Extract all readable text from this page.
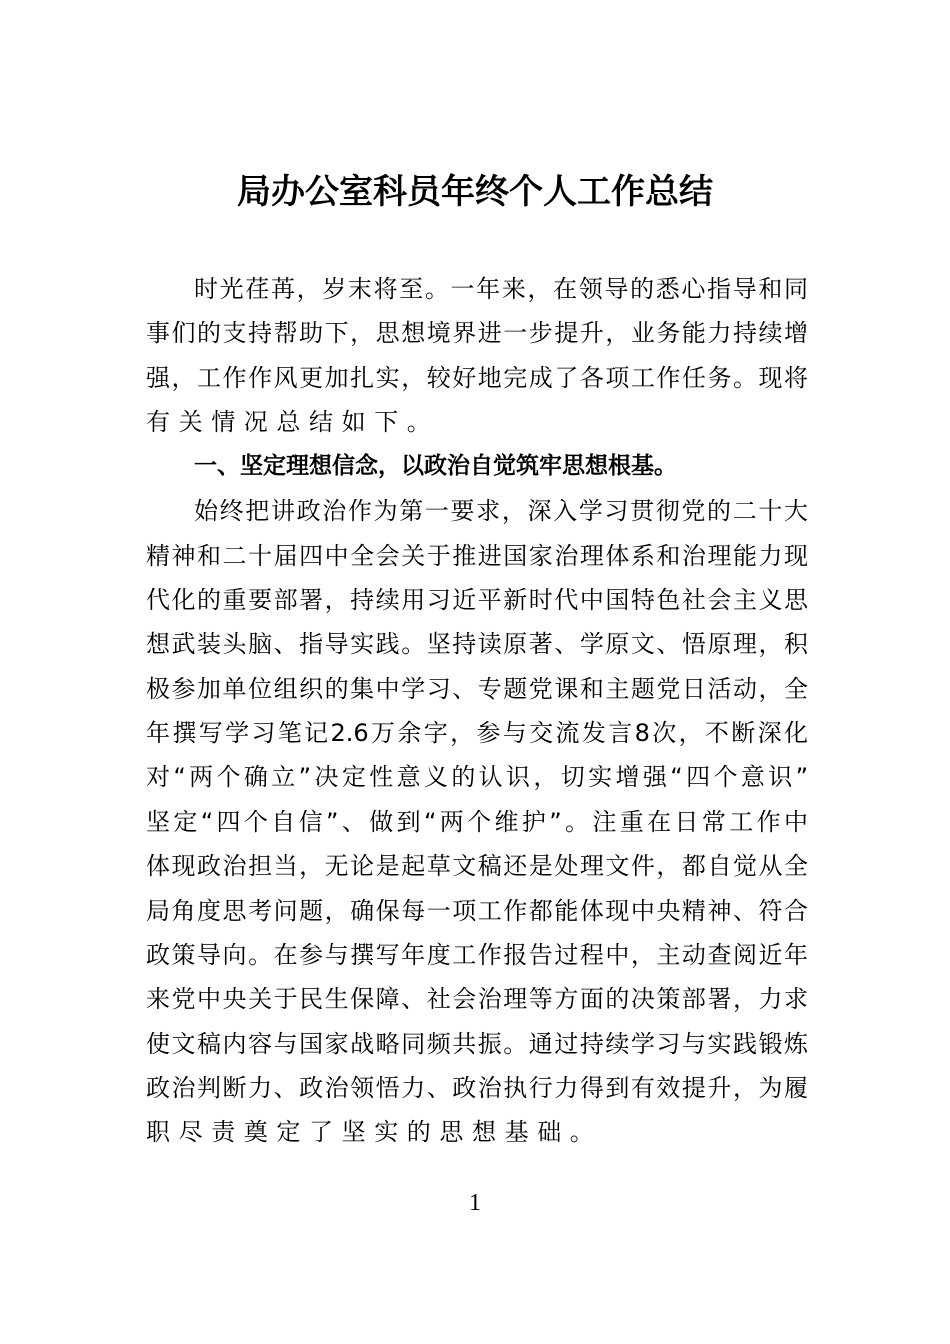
局办公室科员年终个人工作总结
时光荏苒，岁末将至。一年来，在领导的悉心指导和同
事们的支持帮助下，思想境界进一步提升，业务能力持续增
强，工作作风更加扎实，较好地完成了各项工作任务。现将
有关情况总结如下。
一、坚定理想信念，以政治自觉筑牢思想根基。
始终把讲政治作为第一要求，深入学习贯彻党的二十大
精神和二十届四中全会关于推进国家治理体系和治理能力现
代化的重要部署，持续用习近平新时代中国特色社会主义思
想武装头脑、指导实践。坚持读原著、学原文、悟原理，积
极参加单位组织的集中学习、专题党课和主题党日活动，全
年撰写学习笔记2.6万余字，参与交流发言8次，不断深化
对“两个确立”决定性意义的认识，切实增强“四个意识”
坚定“四个自信”、做到“两个维护”。注重在日常工作中
体现政治担当，无论是起草文稿还是处理文件，都自觉从全
局角度思考问题，确保每一项工作都能体现中央精神、符合
政策导向。在参与撰写年度工作报告过程中，主动查阅近年
来党中央关于民生保障、社会治理等方面的决策部署，力求
使文稿内容与国家战略同频共振。通过持续学习与实践锻炼
政治判断力、政治领悟力、政治执行力得到有效提升，为履
职尽责奠定了坚实的思想基础。
1
